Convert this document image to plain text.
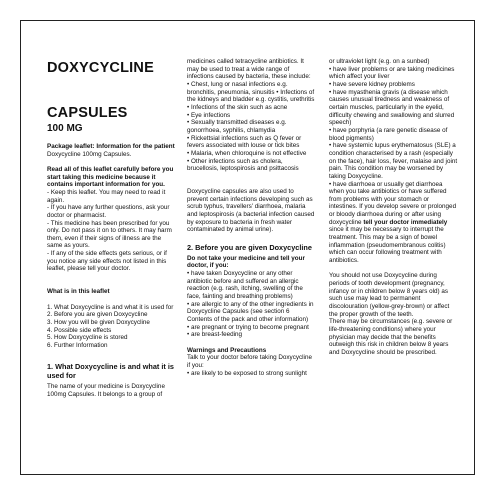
DOXYCYCLINE
CAPSULES
100 MG
Package leaflet: Information for the patient
Doxycycline 100mg Capsules.
Read all of this leaflet carefully before you start taking this medicine because it contains important information for you.
- Keep this leaflet. You may need to read it again.
- If you have any further questions, ask your doctor or pharmacist.
- This medicine has been prescribed for you only. Do not pass it on to others. It may harm them, even if their signs of illness are the same as yours.
- If any of the side effects gets serious, or if you notice any side effects not listed in this leaflet, please tell your doctor.
What is in this leaflet
1. What Doxycycline is and what it is used for
2. Before you are given Doxycycline
3. How you will be given Doxycycline
4. Possible side effects
5. How Doxycycline is stored
6. Further Information
1. What Doxycycline is and what it is used for
The name of your medicine is Doxycycline 100mg Capsules. It belongs to a group of
medicines called tetracycline antibiotics. It may be used to treat a wide range of infections caused by bacteria, these include:
• Chest, lung or nasal infections e.g. bronchitis, pneumonia, sinusitis • Infections of the kidneys and bladder e.g. cystitis, urethritis
• Infections of the skin such as acne
• Eye infections
• Sexually transmitted diseases e.g. gonorrhoea, syphilis, chlamydia
• Rickettsial infections such as Q fever or fevers associated with louse or tick bites
• Malaria, when chloroquine is not effective
• Other infections such as cholera, brucellosis, leptospirosis and psittacosis
Doxycycline capsules are also used to prevent certain infections developing such as scrub typhus, travellers' diarrhoea, malaria and leptospirosis (a bacterial infection caused by exposure to bacteria in fresh water contaminated by animal urine).
2. Before you are given Doxycycline
Do not take your medicine and tell your doctor, if you:
• have taken Doxycycline or any other antibiotic before and suffered an allergic reaction (e.g. rash, itching, swelling of the face, fainting and breathing problems)
• are allergic to any of the other ingredients in Doxycycline Capsules (see section 6 Contents of the pack and other information)
• are pregnant or trying to become pregnant
• are breast-feeding
Warnings and Precautions
Talk to your doctor before taking Doxycycline if you:
• are likely to be exposed to strong sunlight
or ultraviolet light (e.g. on a sunbed)
• have liver problems or are taking medicines which affect your liver
• have severe kidney problems
• have myasthenia gravis (a disease which causes unusual tiredness and weakness of certain muscles, particularly in the eyelid, difficulty chewing and swallowing and slurred speech)
• have porphyria (a rare genetic disease of blood pigments)
• have systemic lupus erythematosus (SLE) a condition characterised by a rash (especially on the face), hair loss, fever, malaise and joint pain. This condition may be worsened by taking Doxycycline.
• have diarrhoea or usually get diarrhoea when you take antibiotics or have suffered from problems with your stomach or intestines. If you develop severe or prolonged or bloody diarrhoea during or after using doxycycline tell your doctor immediately since it may be necessary to interrupt the treatment. This may be a sign of bowel inflammation (pseudomembranous colitis) which can occur following treatment with antibiotics.
You should not use Doxycycline during periods of tooth development (pregnancy, infancy or in children below 8 years old) as such use may lead to permanent discolouration (yellow-grey-brown) or affect the proper growth of the teeth.
There may be circumstances (e.g. severe or life-threatening conditions) where your physician may decide that the benefits outweigh this risk in children below 8 years and Doxycycline should be prescribed.
